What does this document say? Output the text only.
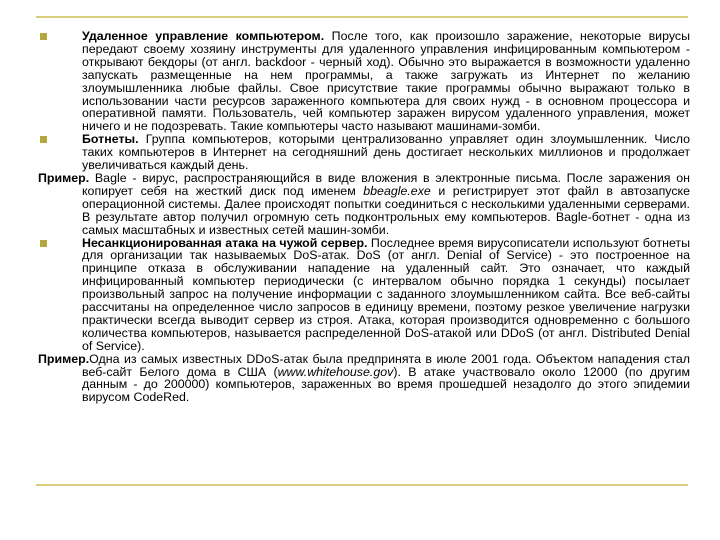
Удаленное управление компьютером. После того, как произошло заражение, некоторые вирусы передают своему хозяину инструменты для удаленного управления инфицированным компьютером - открывают бекдоры (от англ. backdoor - черный ход). Обычно это выражается в возможности удаленно запускать размещенные на нем программы, а также загружать из Интернет по желанию злоумышленника любые файлы. Свое присутствие такие программы обычно выражают только в использовании части ресурсов зараженного компьютера для своих нужд - в основном процессора и оперативной памяти. Пользователь, чей компьютер заражен вирусом удаленного управления, может ничего и не подозревать. Такие компьютеры часто называют машинами-зомби.
Ботнеты. Группа компьютеров, которыми централизованно управляет один злоумышленник. Число таких компьютеров в Интернет на сегодняшний день достигает нескольких миллионов и продолжает увеличиваться каждый день.
Пример. Bagle - вирус, распространяющийся в виде вложения в электронные письма. После заражения он копирует себя на жесткий диск под именем bbeagle.exe и регистрирует этот файл в автозапуске операционной системы. Далее происходят попытки соединиться с несколькими удаленными серверами. В результате автор получил огромную сеть подконтрольных ему компьютеров. Bagle-ботнет - одна из самых масштабных и известных сетей машин-зомби.
Несанкционированная атака на чужой сервер. Последнее время вирусописатели используют ботнеты для организации так называемых DoS-атак. DoS (от англ. Denial of Service) - это построенное на принципе отказа в обслуживании нападение на удаленный сайт. Это означает, что каждый инфицированный компьютер периодически (с интервалом обычно порядка 1 секунды) посылает произвольный запрос на получение информации с заданного злоумышленником сайта. Все веб-сайты рассчитаны на определенное число запросов в единицу времени, поэтому резкое увеличение нагрузки практически всегда выводит сервер из строя. Атака, которая производится одновременно с большого количества компьютеров, называется распределенной DoS-атакой или DDoS (от англ. Distributed Denial of Service).
Пример.Одна из самых известных DDoS-атак была предпринята в июле 2001 года. Объектом нападения стал веб-сайт Белого дома в США (www.whitehouse.gov). В атаке участвовало около 12000 (по другим данным - до 200000) компьютеров, зараженных во время прошедшей незадолго до этого эпидемии вирусом CodeRed.
